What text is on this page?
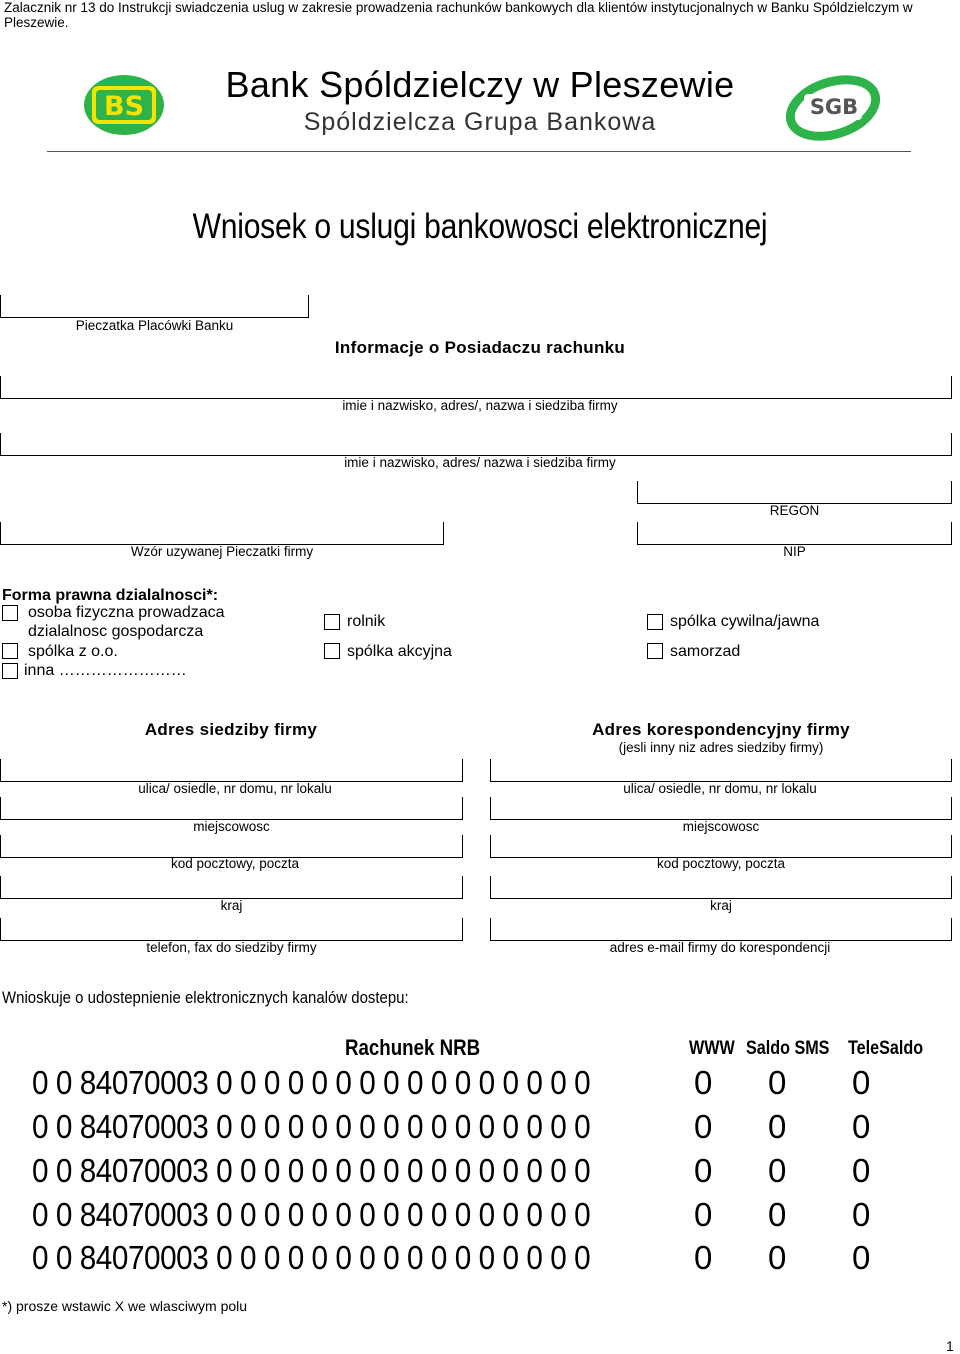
Zalacznik nr 13 do Instrukcji swiadczenia uslug w zakresie prowadzenia rachunków bankowych dla klientów instytucjonalnych w Banku Spóldzielczym w Pleszewie.
BS
Bank Spóldzielczy w Pleszewie
Spóldzielcza Grupa Bankowa
SGB
Wniosek o uslugi bankowosci elektronicznej
Pieczatka Placówki Banku
Informacje o Posiadaczu rachunku
imie i nazwisko, adres/, nazwa i siedziba firmy
imie i nazwisko, adres/ nazwa i siedziba firmy
REGON
Wzór uzywanej Pieczatki firmy	NIP
Forma prawna dzialalnosci*:
osoba fizyczna prowadzaca
dzialalnosc gospodarcza
rolnik	spólka cywilna/jawna
spólka z o.o.	spólka akcyjna	samorzad
inna ……………………
Adres siedziby firmy	Adres korespondencyjny firmy
(jesli inny niz adres siedziby firmy)
ulica/ osiedle, nr domu, nr lokalu
miejscowosc
kod pocztowy, poczta
kraj
telefon, fax do siedziby firmy
ulica/ osiedle, nr domu, nr lokalu
miejscowosc
kod pocztowy, poczta
kraj
adres e-mail firmy do korespondencji
Wnioskuje o udostepnienie elektronicznych kanalów dostepu:
Rachunek NRB	WWW Saldo SMS TeleSaldo
0 0 84070003 0 0 0 0 0 0 0 0 0 0 0 0 0 0 0 0	0 0 0
0 0 84070003 0 0 0 0 0 0 0 0 0 0 0 0 0 0 0 0	0 0 0
0 0 84070003 0 0 0 0 0 0 0 0 0 0 0 0 0 0 0 0	0 0 0
0 0 84070003 0 0 0 0 0 0 0 0 0 0 0 0 0 0 0 0	0 0 0
0 0 84070003 0 0 0 0 0 0 0 0 0 0 0 0 0 0 0 0	0 0 0
*) prosze wstawic X we wlasciwym polu
1
